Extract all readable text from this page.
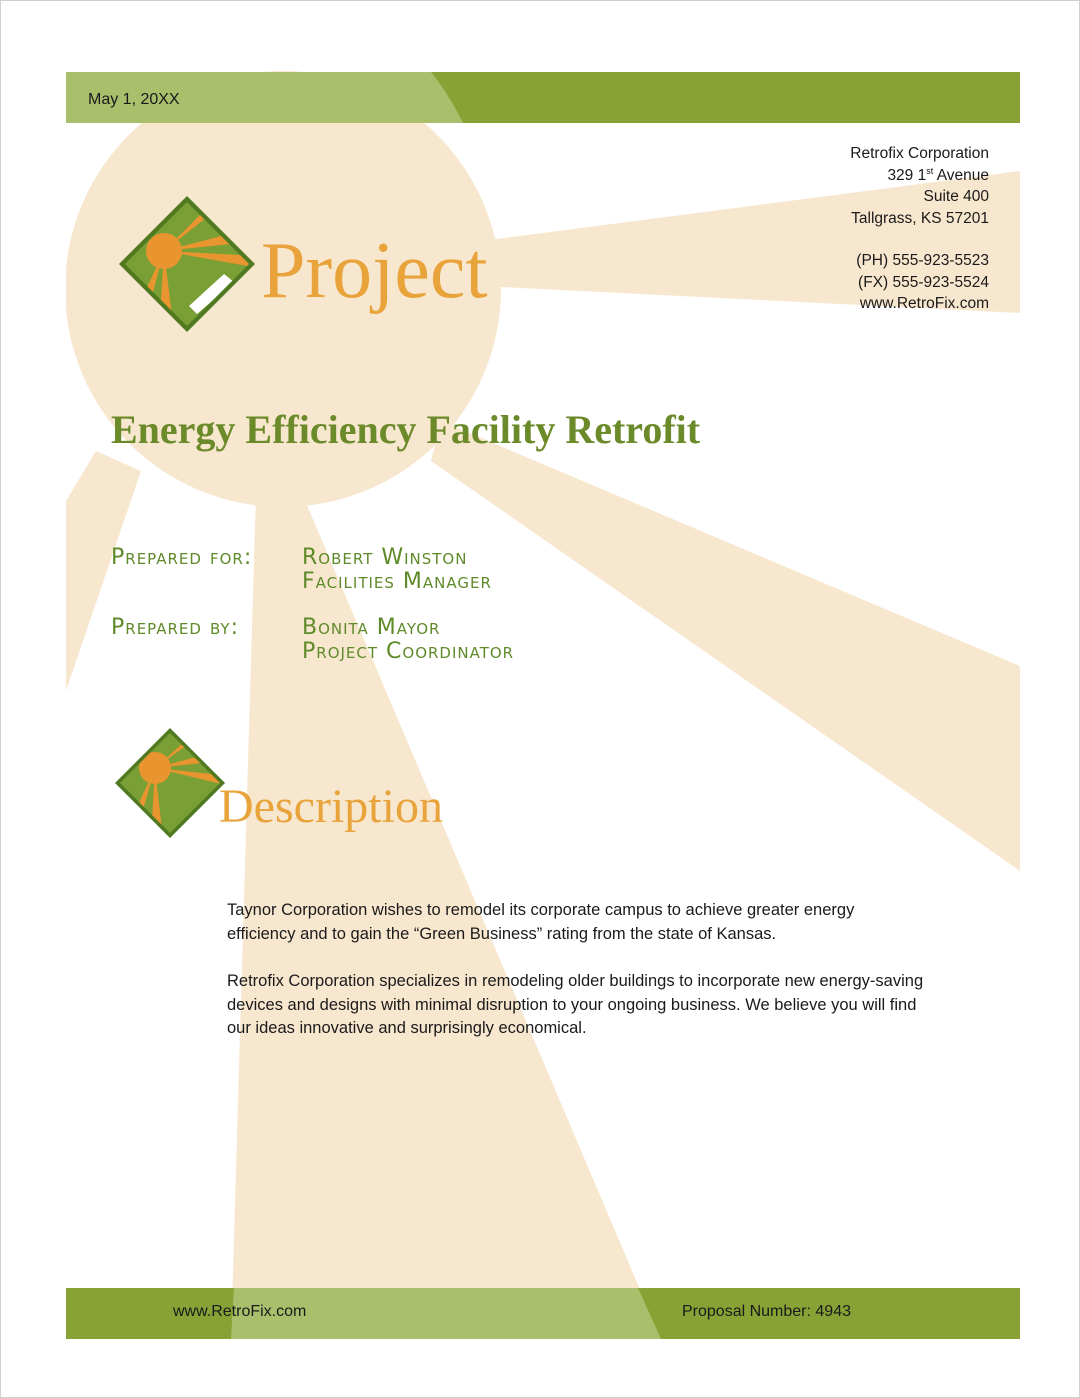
May 1, 20XX
Retrofix Corporation
329 1st Avenue
Suite 400
Tallgrass, KS 57201
(PH) 555-923-5523
(FX) 555-923-5524
www.RetroFix.com
Project
Energy Efficiency Facility Retrofit
Prepared for: Robert Winston
Facilities Manager
Prepared by:	Bonita Mayor
Project Coordinator
Description

Taynor Corporation wishes to remodel its corporate campus to achieve greater energy efficiency and to gain the “Green Business” rating from the state of Kansas.

Retrofix Corporation specializes in remodeling older buildings to incorporate new energy-saving devices and designs with minimal disruption to your ongoing business. We believe you will find our ideas innovative and surprisingly economical.

www.RetroFix.com	Proposal Number: 4943
